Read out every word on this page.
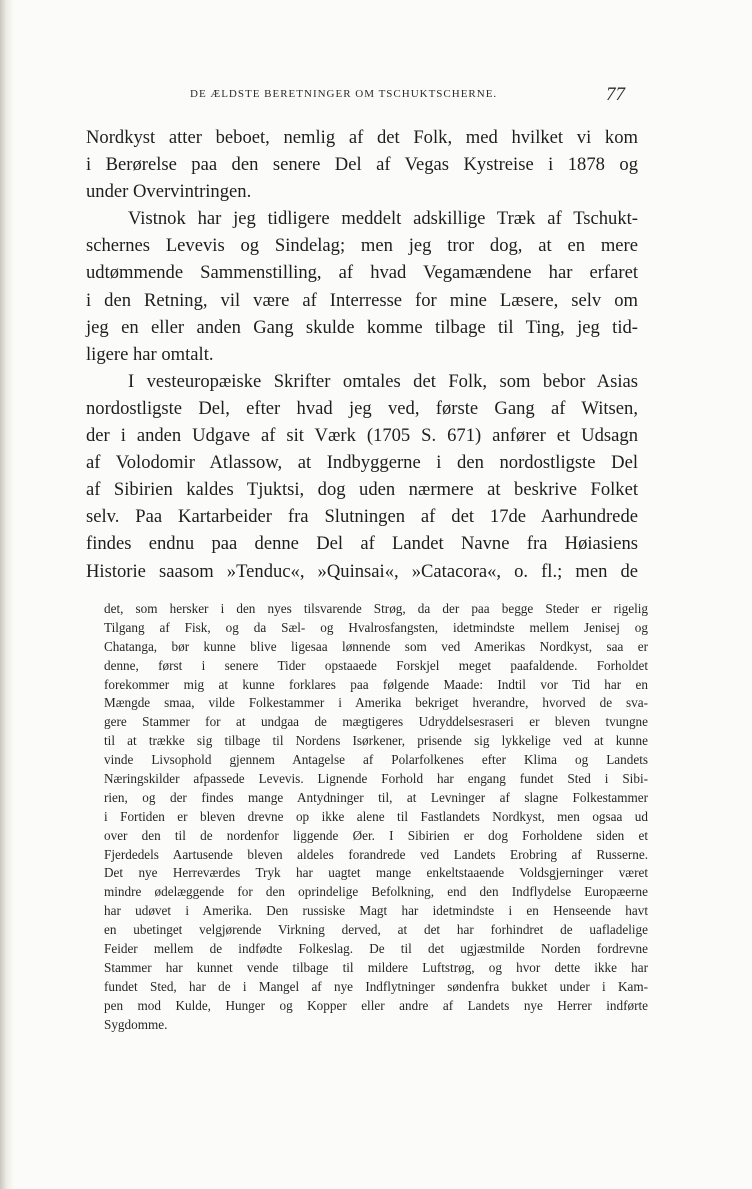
DE ÆLDSTE BERETNINGER OM TSCHUKTSCHERNE.	77
Nordkyst atter beboet, nemlig af det Folk, med hvilket vi kom
i Berørelse paa den senere Del af Vegas Kystreise i 1878 og
under Overvintringen.
Vistnok har jeg tidligere meddelt adskillige Træk af Tschukt-
schernes Levevis og Sindelag; men jeg tror dog, at en mere
udtømmende Sammenstilling, af hvad Vegamændene har erfaret
i den Retning, vil være af Interresse for mine Læsere, selv om
jeg en eller anden Gang skulde komme tilbage til Ting, jeg tid-
ligere har omtalt.
I vesteuropæiske Skrifter omtales det Folk, som bebor Asias
nordostligste Del, efter hvad jeg ved, første Gang af Witsen,
der i anden Udgave af sit Værk (1705 S. 671) anfører et Udsagn
af Volodomir Atlassow, at Indbyggerne i den nordostligste Del
af Sibirien kaldes Tjuktsi, dog uden nærmere at beskrive Folket
selv. Paa Kartarbeider fra Slutningen af det 17de Aarhundrede
findes endnu paa denne Del af Landet Navne fra Høiasiens
Historie saasom »Tenduc«, »Quinsai«, »Catacora«, o. fl.; men de
det, som hersker i den nyes tilsvarende Strøg, da der paa begge Steder er rigelig
Tilgang af Fisk, og da Sæl- og Hvalrosfangsten, idetmindste mellem Jenisej og
Chatanga, bør kunne blive ligesaa lønnende som ved Amerikas Nordkyst, saa er
denne, først i senere Tider opstaaede Forskjel meget paafaldende. Forholdet
forekommer mig at kunne forklares paa følgende Maade: Indtil vor Tid har en
Mængde smaa, vilde Folkestammer i Amerika bekriget hverandre, hvorved de sva-
gere Stammer for at undgaa de mægtigeres Udryddelsesraseri er bleven tvungne
til at trække sig tilbage til Nordens Isørkener, prisende sig lykkelige ved at kunne
vinde Livsophold gjennem Antagelse af Polarfolkenes efter Klima og Landets
Næringskilder afpassede Levevis. Lignende Forhold har engang fundet Sted i Sibi-
rien, og der findes mange Antydninger til, at Levninger af slagne Folkestammer
i Fortiden er bleven drevne op ikke alene til Fastlandets Nordkyst, men ogsaa ud
over den til de nordenfor liggende Øer. I Sibirien er dog Forholdene siden et
Fjerdedels Aartusende bleven aldeles forandrede ved Landets Erobring af Russerne.
Det nye Herreværdes Tryk har uagtet mange enkeltstaaende Voldsgjerninger været
mindre ødelæggende for den oprindelige Befolkning, end den Indflydelse Europæerne
har udøvet i Amerika. Den russiske Magt har idetmindste i en Henseende havt
en ubetinget velgjørende Virkning derved, at det har forhindret de uafladelige
Feider mellem de indfødte Folkeslag. De til det ugjæstmilde Norden fordrevne
Stammer har kunnet vende tilbage til mildere Luftstrøg, og hvor dette ikke har
fundet Sted, har de i Mangel af nye Indflytninger søndenfra bukket under i Kam-
pen mod Kulde, Hunger og Kopper eller andre af Landets nye Herrer indførte
Sygdomme.
